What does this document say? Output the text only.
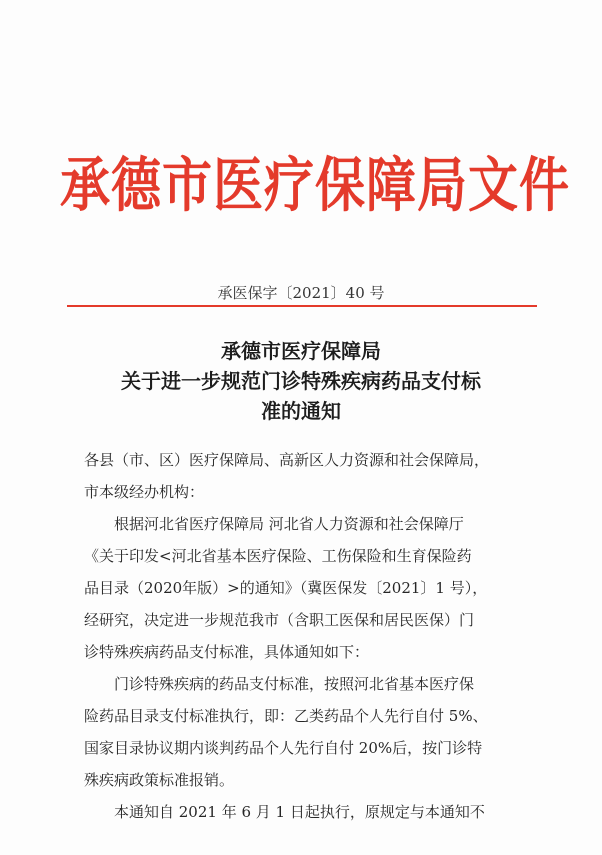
承德市医疗保障局文件
承医保字〔2021〕40 号
承德市医疗保障局
关于进一步规范门诊特殊疾病药品支付标
准的通知
各县（市、区）医疗保障局、高新区人力资源和社会保障局，
市本级经办机构：
根据河北省医疗保障局 河北省人力资源和社会保障厅
《关于印发<河北省基本医疗保险、工伤保险和生育保险药
品目录（2020年版）>的通知》（冀医保发〔2021〕1 号），
经研究，决定进一步规范我市（含职工医保和居民医保）门
诊特殊疾病药品支付标准，具体通知如下：
门诊特殊疾病的药品支付标准，按照河北省基本医疗保
险药品目录支付标准执行，即：乙类药品个人先行自付 5%、
国家目录协议期内谈判药品个人先行自付 20%后，按门诊特
殊疾病政策标准报销。
本通知自 2021 年 6 月 1 日起执行，原规定与本通知不
